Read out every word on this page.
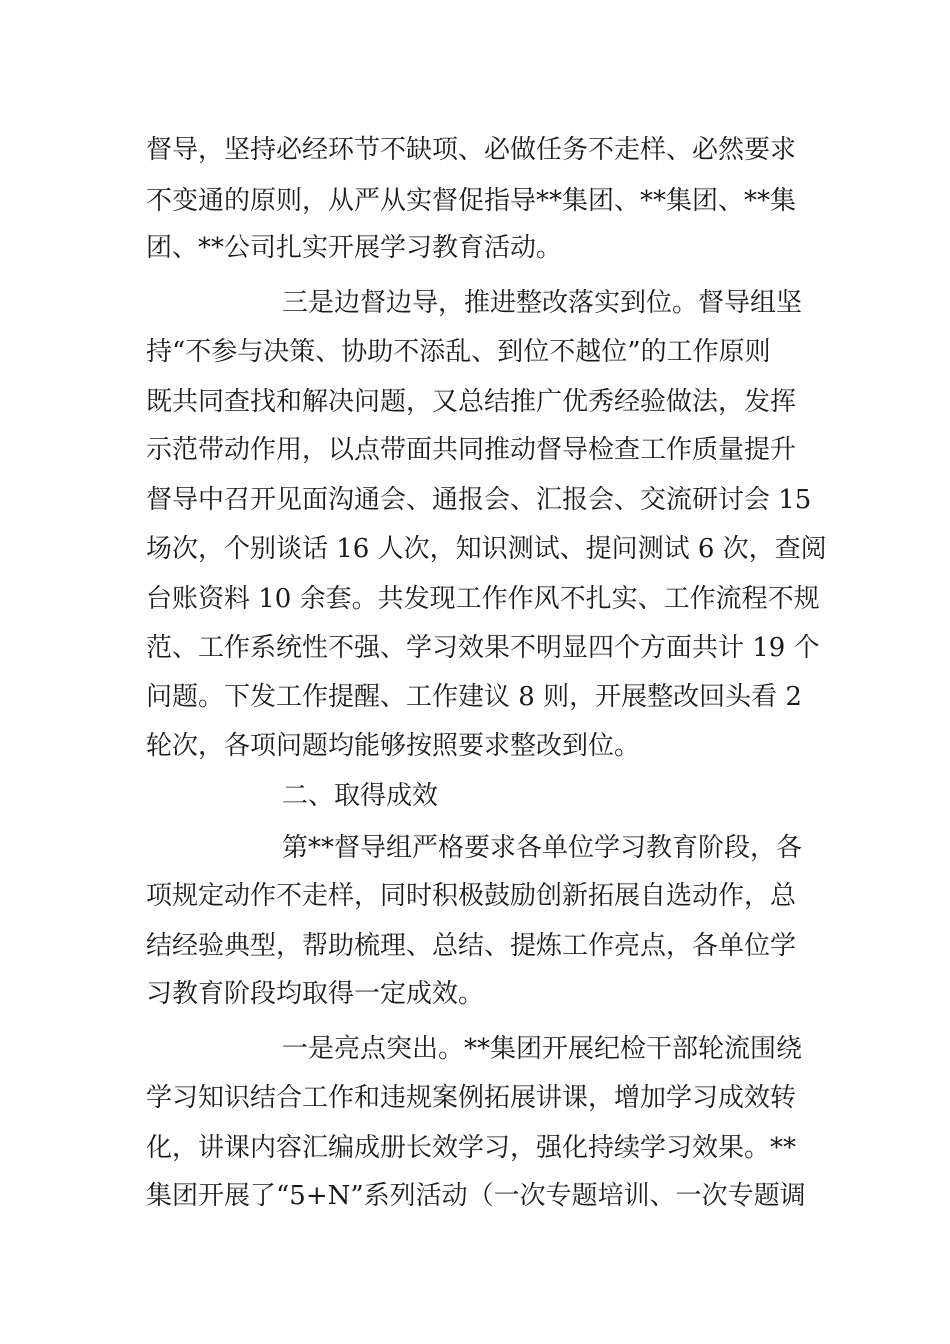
督导，坚持必经环节不缺项、必做任务不走样、必然要求
不变通的原则，从严从实督促指导**集团、**集团、**集
团、**公司扎实开展学习教育活动。
三是边督边导，推进整改落实到位。督导组坚
持“不参与决策、协助不添乱、到位不越位”的工作原则
既共同查找和解决问题，又总结推广优秀经验做法，发挥
示范带动作用，以点带面共同推动督导检查工作质量提升
督导中召开见面沟通会、通报会、汇报会、交流研讨会 15
场次，个别谈话 16 人次，知识测试、提问测试 6 次，查阅
台账资料 10 余套。共发现工作作风不扎实、工作流程不规
范、工作系统性不强、学习效果不明显四个方面共计 19 个
问题。下发工作提醒、工作建议 8 则，开展整改回头看 2
轮次，各项问题均能够按照要求整改到位。
二、取得成效
第**督导组严格要求各单位学习教育阶段，各
项规定动作不走样，同时积极鼓励创新拓展自选动作，总
结经验典型，帮助梳理、总结、提炼工作亮点，各单位学
习教育阶段均取得一定成效。
一是亮点突出。**集团开展纪检干部轮流围绕
学习知识结合工作和违规案例拓展讲课，增加学习成效转
化，讲课内容汇编成册长效学习，强化持续学习效果。**
集团开展了“5+N”系列活动（一次专题培训、一次专题调
